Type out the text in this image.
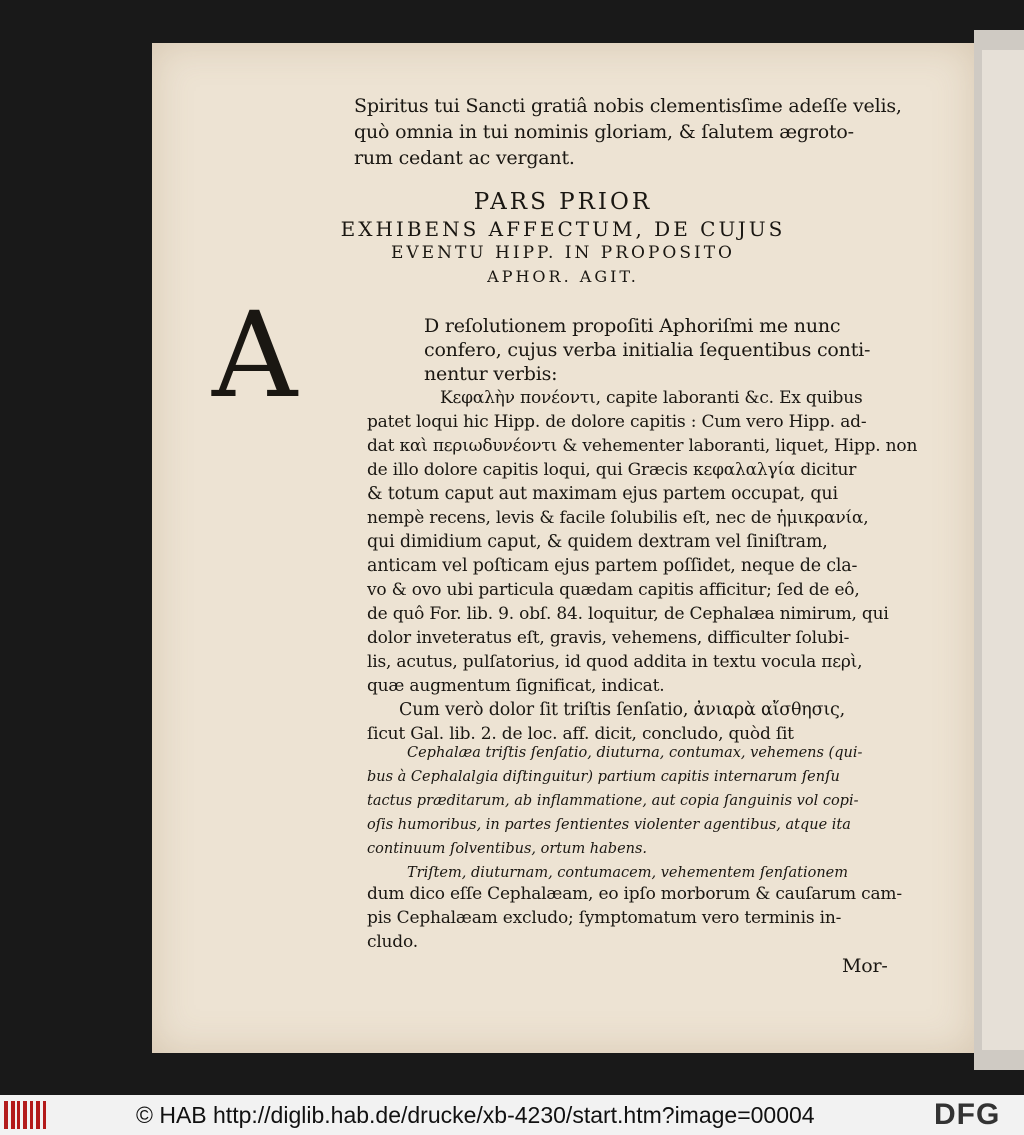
Spiritus tui Sancti gratiâ nobis clementisſime adeſſe velis,
quò omnia in tui nominis gloriam, & ſalutem ægroto-
rum cedant ac vergant.
PARS PRIOR
EXHIBENS AFFECTUM, DE CUJUS
EVENTU HIPP. IN PROPOSITO
APHOR. AGIT.
A	D reſolutionem propoſiti Aphoriſmi me nunc
confero, cujus verba initialia ſequentibus conti-
nentur verbis:
Κεφαλὴν πονέοντι, capite laboranti &c. Ex quibus
patet loqui hic Hipp. de dolore capitis : Cum vero Hipp. ad-
dat καὶ περιωδυνέοντι & vehementer laboranti, liquet, Hipp. non
de illo dolore capitis loqui, qui Græcis κεφαλαλγία dicitur
& totum caput aut maximam ejus partem occupat, qui
nempè recens, levis & facile ſolubilis eſt, nec de ἡμικρανία,
qui dimidium caput, & quidem dextram vel ſiniſtram,
anticam vel poſticam ejus partem poſſidet, neque de cla-
vo & ovo ubi particula quædam capitis afficitur; ſed de eô,
de quô For. lib. 9. obſ. 84. loquitur, de Cephalæa nimirum, qui
dolor inveteratus eſt, gravis, vehemens, difficulter ſolubi-
lis, acutus, pulſatorius, id quod addita in textu vocula περὶ,
quæ augmentum ſignificat, indicat.
Cum verò dolor ſit triſtis ſenſatio, ἀνιαρὰ αἴσθησις,
ſicut Gal. lib. 2. de loc. aff. dicit, concludo, quòd ſit
Cephalæa triſtis ſenſatio, diuturna, contumax, vehemens (qui-
bus à Cephalalgia diſtinguitur) partium capitis internarum ſenſu
tactus præditarum, ab inflammatione, aut copia ſanguinis vol copi-
oſis humoribus, in partes ſentientes violenter agentibus, atque ita
continuum ſolventibus, ortum habens.
Triſtem, diuturnam, contumacem, vehementem ſenſationem
dum dico eſſe Cephalæam, eo ipſo morborum & cauſarum cam-
pis Cephalæam excludo; ſymptomatum vero terminis in-
cludo.
Mor-
© HAB http://diglib.hab.de/drucke/xb-4230/start.htm?image=00004	DFG
